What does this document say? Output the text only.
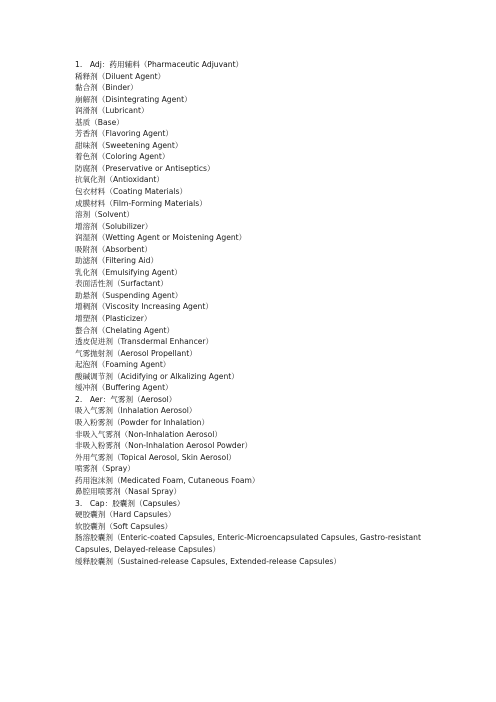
1.　Adj：药用辅料（Pharmaceutic Adjuvant）
稀释剂（Diluent Agent）
黏合剂（Binder）
崩解剂（Disintegrating Agent）
润滑剂（Lubricant）
基质（Base）
芳香剂（Flavoring Agent）
甜味剂（Sweetening Agent）
着色剂（Coloring Agent）
防腐剂（Preservative or Antiseptics）
抗氧化剂（Antioxidant）
包衣材料（Coating Materials）
成膜材料（Film-Forming Materials）
溶剂（Solvent）
增溶剂（Solubilizer）
润湿剂（Wetting Agent or Moistening Agent）
吸附剂（Absorbent）
助滤剂（Filtering Aid）
乳化剂（Emulsifying Agent）
表面活性剂（Surfactant）
助悬剂（Suspending Agent）
增稠剂（Viscosity Increasing Agent）
增塑剂（Plasticizer）
螯合剂（Chelating Agent）
透皮促进剂（Transdermal Enhancer）
气雾抛射剂（Aerosol Propellant）
起泡剂（Foaming Agent）
酸碱调节剂（Acidifying or Alkalizing Agent）
缓冲剂（Buffering Agent）
2.　Aer：气雾剂（Aerosol）
吸入气雾剂（Inhalation Aerosol）
吸入粉雾剂（Powder for Inhalation）
非吸入气雾剂（Non-Inhalation Aerosol）
非吸入粉雾剂（Non-Inhalation Aerosol Powder）
外用气雾剂（Topical Aerosol, Skin Aerosol）
喷雾剂（Spray）
药用泡沫剂（Medicated Foam, Cutaneous Foam）
鼻腔用喷雾剂（Nasal Spray）
3.　Cap：胶囊剂（Capsules）
硬胶囊剂（Hard Capsules）
软胶囊剂（Soft Capsules）
肠溶胶囊剂（Enteric-coated Capsules, Enteric-Microencapsulated Capsules, Gastro-resistant
Capsules, Delayed-release Capsules）
缓释胶囊剂（Sustained-release Capsules, Extended-release Capsules）
